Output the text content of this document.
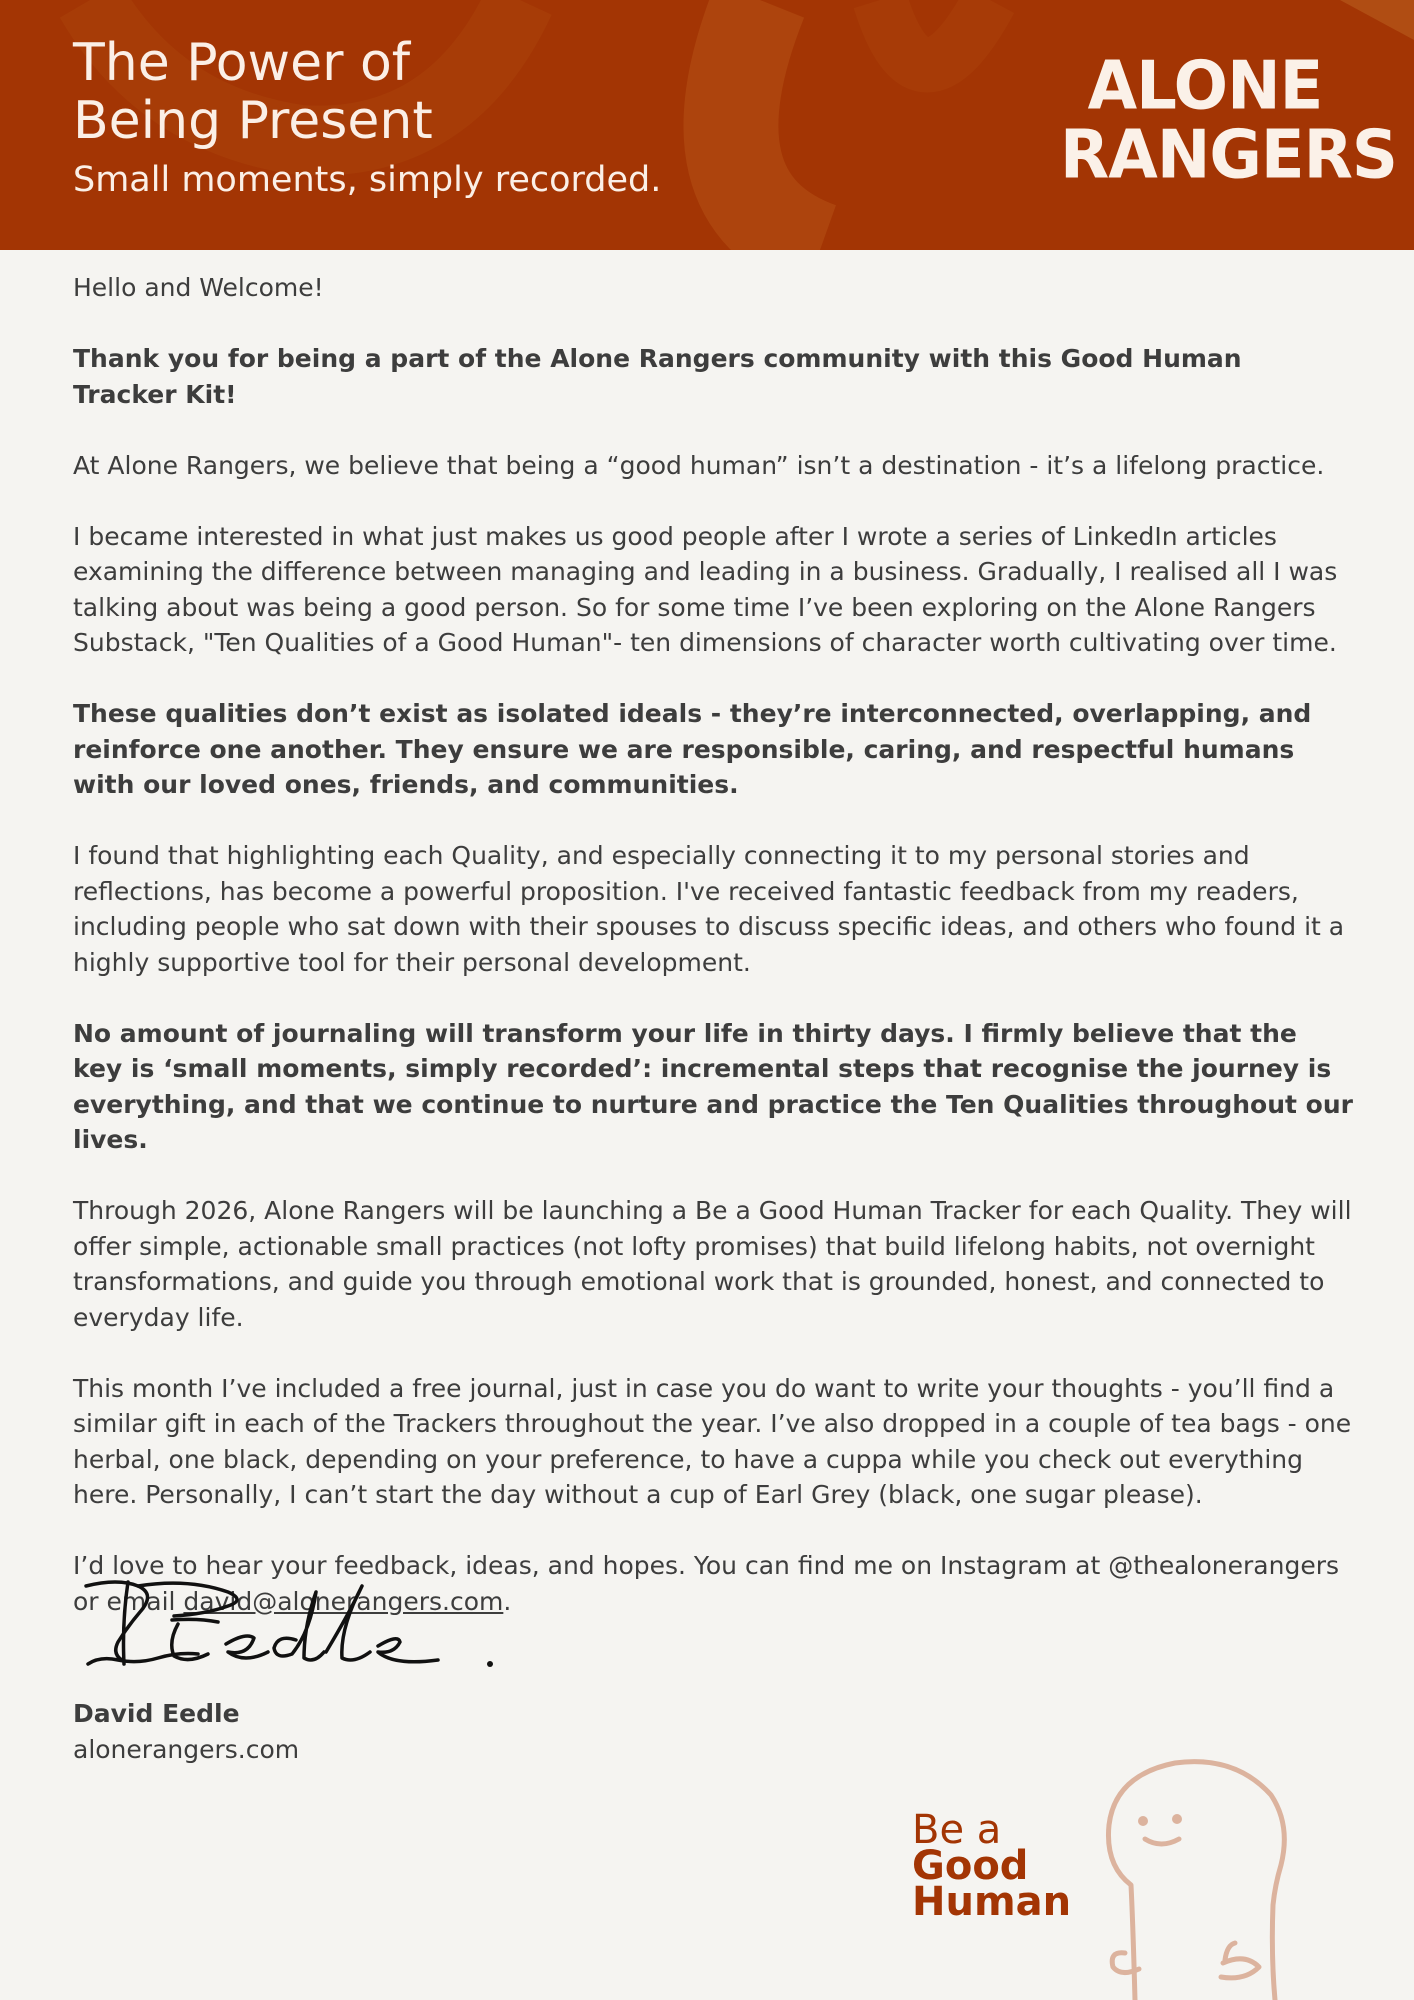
The Power of
Being Present

Small moments, simply recorded.

ALONE
RANGERS

Hello and Welcome!

Thank you for being a part of the Alone Rangers community with this Good Human Tracker Kit!

At Alone Rangers, we believe that being a “good human” isn’t a destination - it’s a lifelong practice.

I became interested in what just makes us good people after I wrote a series of LinkedIn articles examining the difference between managing and leading in a business. Gradually, I realised all I was talking about was being a good person. So for some time I’ve been exploring on the Alone Rangers Substack, "Ten Qualities of a Good Human"- ten dimensions of character worth cultivating over time.

These qualities don’t exist as isolated ideals - they’re interconnected, overlapping, and reinforce one another. They ensure we are responsible, caring, and respectful humans with our loved ones, friends, and communities.

I found that highlighting each Quality, and especially connecting it to my personal stories and reflections, has become a powerful proposition. I've received fantastic feedback from my readers, including people who sat down with their spouses to discuss specific ideas, and others who found it a highly supportive tool for their personal development.

No amount of journaling will transform your life in thirty days. I firmly believe that the key is ‘small moments, simply recorded’: incremental steps that recognise the journey is everything, and that we continue to nurture and practice the Ten Qualities throughout our lives.

Through 2026, Alone Rangers will be launching a Be a Good Human Tracker for each Quality. They will offer simple, actionable small practices (not lofty promises) that build lifelong habits, not overnight transformations, and guide you through emotional work that is grounded, honest, and connected to everyday life.

This month I’ve included a free journal, just in case you do want to write your thoughts - you’ll find a similar gift in each of the Trackers throughout the year. I’ve also dropped in a couple of tea bags - one herbal, one black, depending on your preference, to have a cuppa while you check out everything here. Personally, I can’t start the day without a cup of Earl Grey (black, one sugar please).

I’d love to hear your feedback, ideas, and hopes. You can find me on Instagram at @thealonerangers or email david@alonerangers.com.

David Eedle
alonerangers.com
Be a
Good
Human
